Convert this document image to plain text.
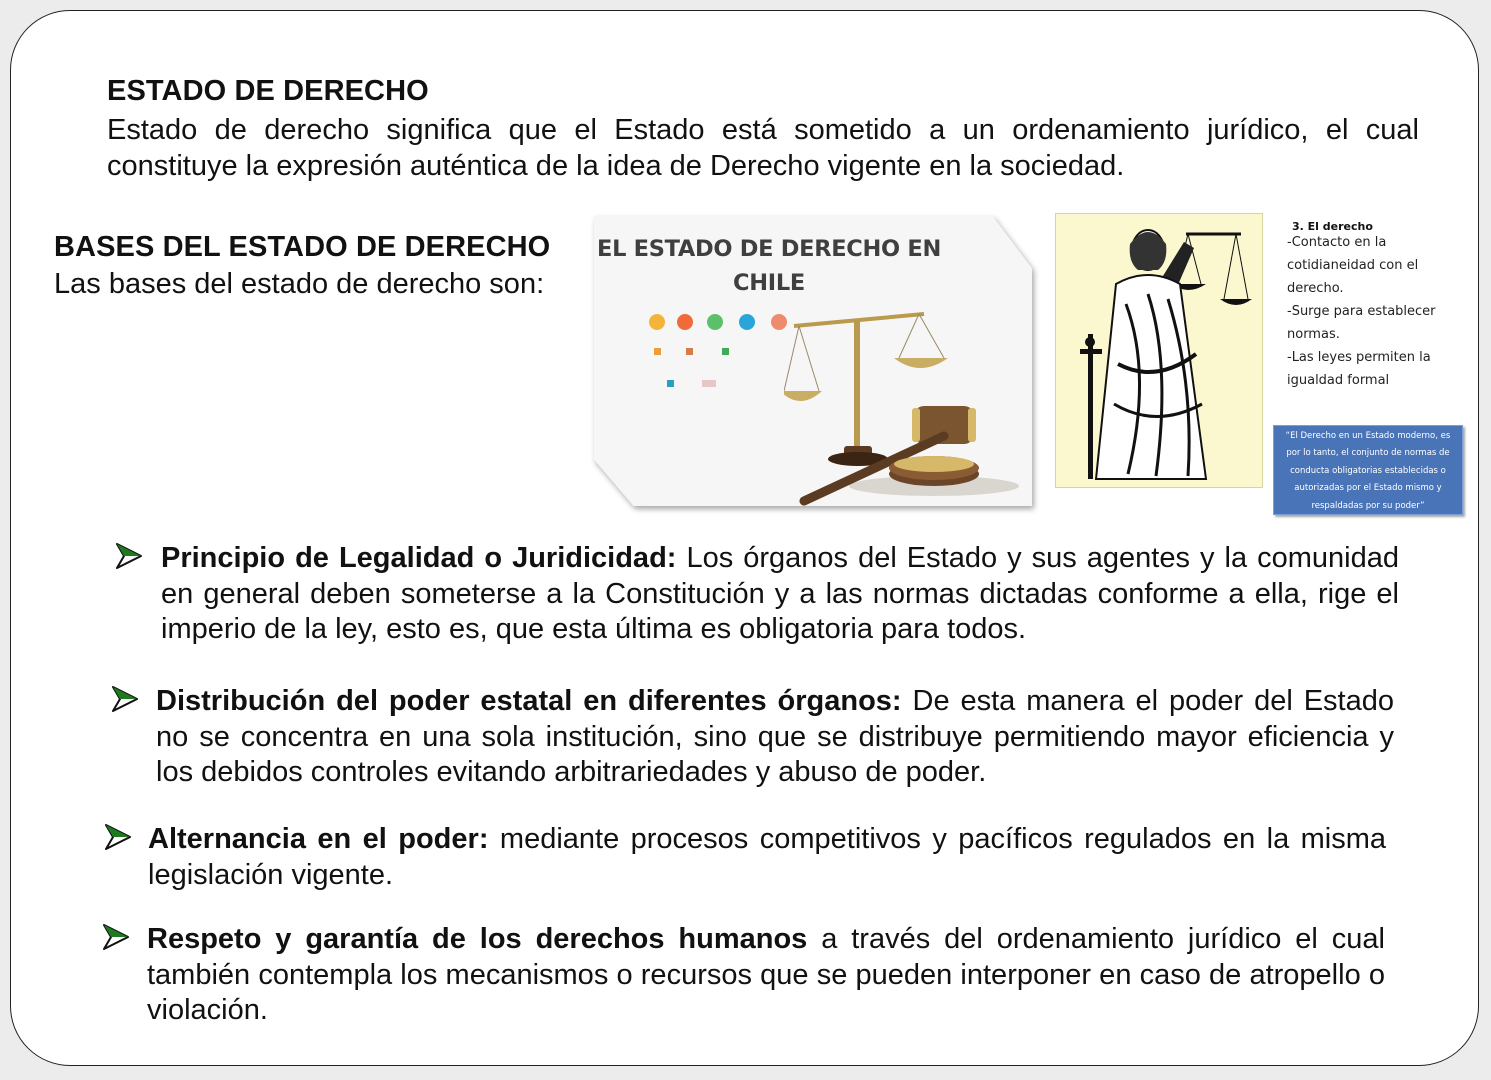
ESTADO DE DERECHO
Estado de derecho significa que el Estado está sometido a un ordenamiento jurídico, el cual
constituye la expresión auténtica de la idea de Derecho vigente en la sociedad.
BASES DEL ESTADO DE DERECHO
Las bases del estado de derecho son:
EL ESTADO DE DERECHO EN
CHILE
3. El derecho
-Contacto en la
cotidianeidad con el
derecho.
-Surge para establecer
normas.
-Las leyes permiten la
igualdad formal
“El Derecho en un Estado moderno, es
por lo tanto, el conjunto de normas de
conducta obligatorias establecidas o
autorizadas por el Estado mismo y
respaldadas por su poder”
Principio de Legalidad o Juridicidad: Los órganos del Estado y sus agentes y la comunidad en general deben someterse a la Constitución y a las normas dictadas conforme a ella, rige el imperio de la ley, esto es, que esta última es obligatoria para todos.
Distribución del poder estatal en diferentes órganos: De esta manera el poder del Estado no se concentra en una sola institución, sino que se distribuye permitiendo mayor eficiencia y los debidos controles evitando arbitrariedades y abuso de poder.
Alternancia en el poder: mediante procesos competitivos y pacíficos regulados en la misma legislación vigente.
Respeto y garantía de los derechos humanos a través del ordenamiento jurídico el cual también contempla los mecanismos o recursos que se pueden interponer en caso de atropello o violación.
